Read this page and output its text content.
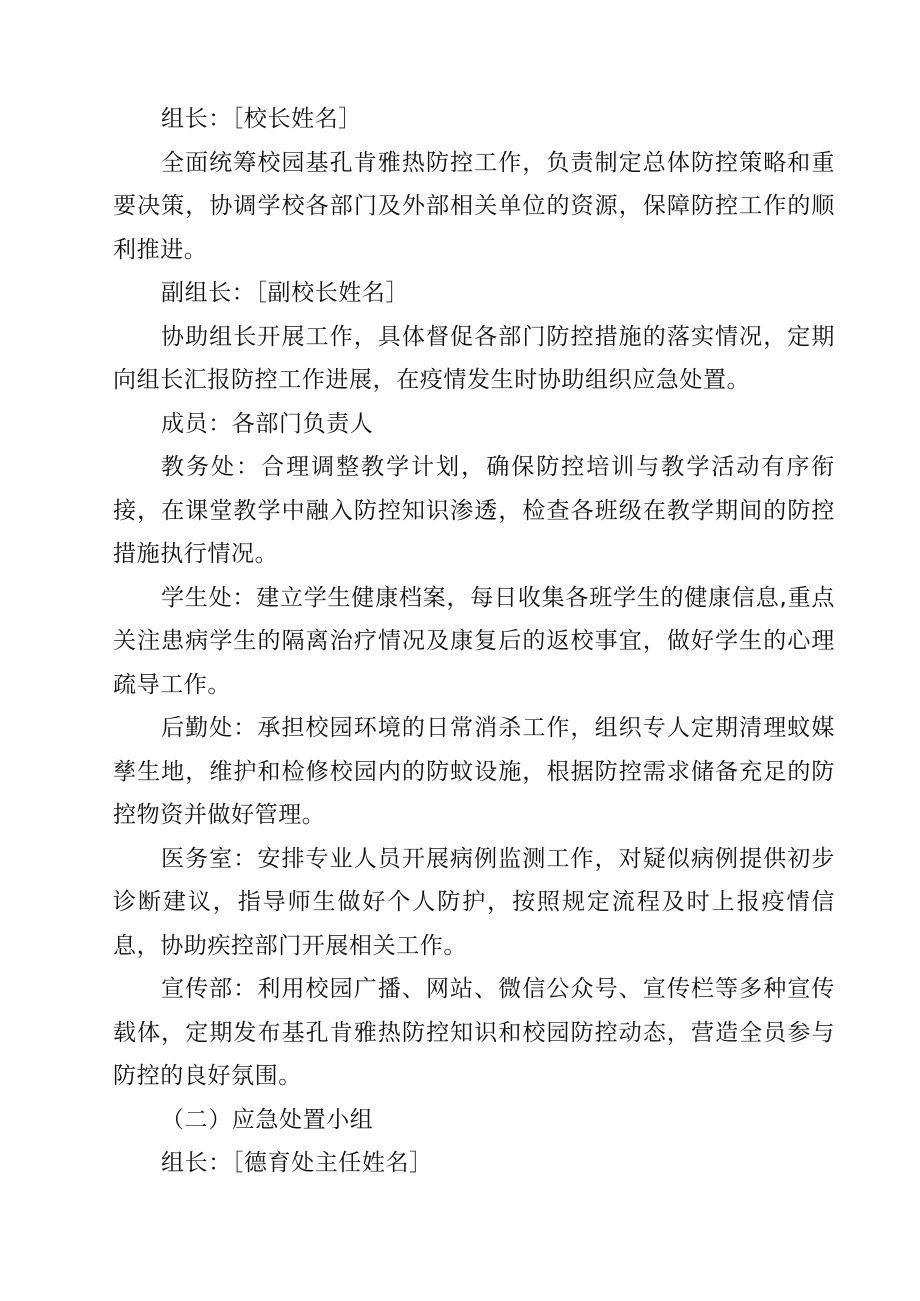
组长：［校长姓名］

全面统筹校园基孔肯雅热防控工作，负责制定总体防控策略和重要决策，协调学校各部门及外部相关单位的资源，保障防控工作的顺利推进。

副组长：［副校长姓名］

协助组长开展工作，具体督促各部门防控措施的落实情况，定期向组长汇报防控工作进展，在疫情发生时协助组织应急处置。

成员：各部门负责人

教务处：合理调整教学计划，确保防控培训与教学活动有序衔接，在课堂教学中融入防控知识渗透，检查各班级在教学期间的防控措施执行情况。

学生处：建立学生健康档案，每日收集各班学生的健康信息,重点关注患病学生的隔离治疗情况及康复后的返校事宜，做好学生的心理疏导工作。

后勤处：承担校园环境的日常消杀工作，组织专人定期清理蚊媒孳生地，维护和检修校园内的防蚊设施，根据防控需求储备充足的防控物资并做好管理。

医务室：安排专业人员开展病例监测工作，对疑似病例提供初步诊断建议，指导师生做好个人防护，按照规定流程及时上报疫情信息，协助疾控部门开展相关工作。

宣传部：利用校园广播、网站、微信公众号、宣传栏等多种宣传载体，定期发布基孔肯雅热防控知识和校园防控动态，营造全员参与防控的良好氛围。

（二）应急处置小组

组长：［德育处主任姓名］
